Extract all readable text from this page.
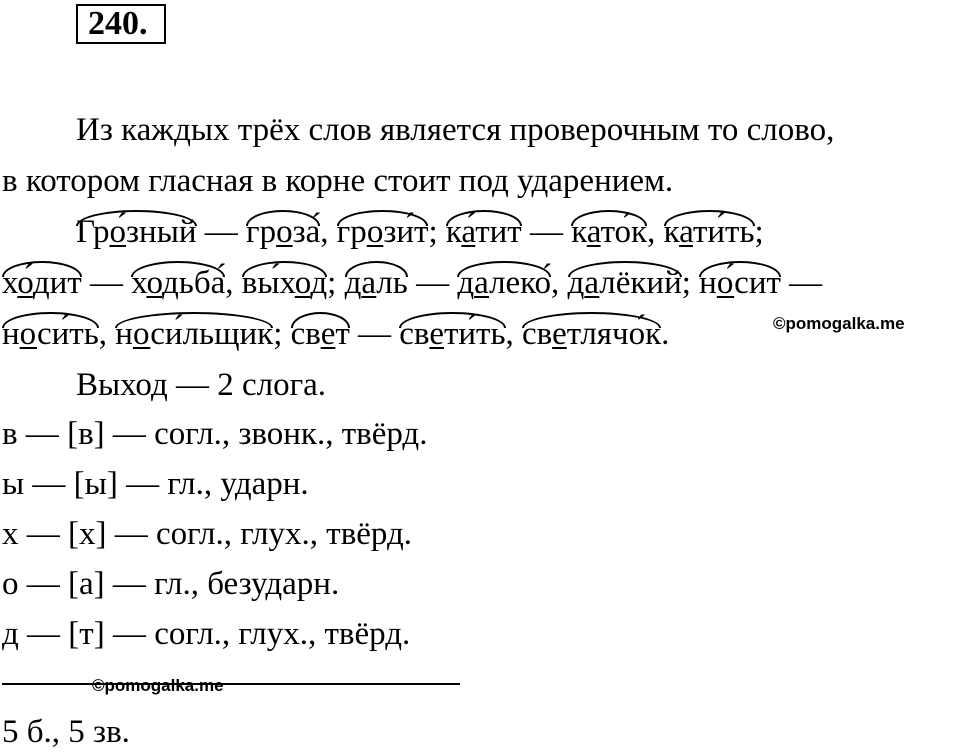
240.
Из каждых трёх слов является проверочным то слово,
в котором гласная в корне стоит под ударением.
Гро́зный —
гроза́,
грози́т;
ка́тит —
като́к,
кати́ть;
хо́дит —
ходьба́,
вы́ход;
даль —
далеко́,
далёкий;
но́сит —
носи́ть,
носи́льщик;
свет —
свети́ть,
светлячо́к.	©pomogalka.me
Выход — 2 слога.
в — [в] — согл., звонк., твёрд.
ы — [ы] — гл., ударн.
х — [х] — согл., глух., твёрд.
о — [а] — гл., безударн.
д — [т] — согл., глух., твёрд.
©pomogalka.me
5 б., 5 зв.
